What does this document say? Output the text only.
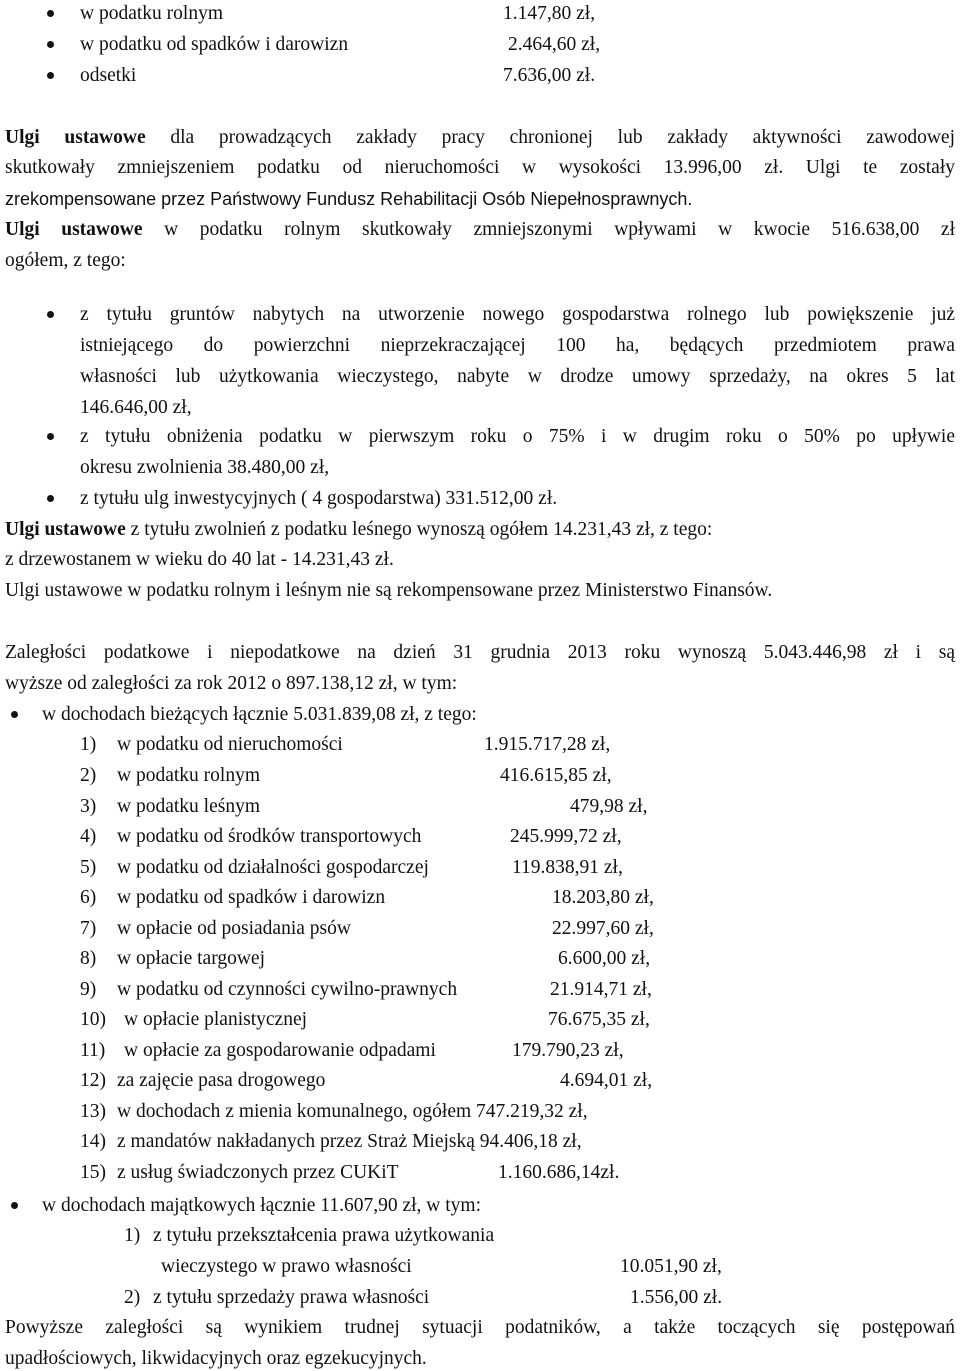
w podatku rolnym	1.147,80 zł,
w podatku od spadków i darowizn	2.464,60 zł,
odsetki	7.636,00 zł.
Ulgi ustawowe dla prowadzących zakłady pracy chronionej lub zakłady aktywności zawodowej
skutkowały zmniejszeniem podatku od nieruchomości w wysokości 13.996,00 zł. Ulgi te zostały
zrekompensowane przez Państwowy Fundusz Rehabilitacji Osób Niepełnosprawnych.
Ulgi ustawowe w podatku rolnym skutkowały zmniejszonymi wpływami w kwocie 516.638,00 zł
ogółem, z tego:
z tytułu gruntów nabytych na utworzenie nowego gospodarstwa rolnego lub powiększenie już
istniejącego do powierzchni nieprzekraczającej 100 ha, będących przedmiotem prawa
własności lub użytkowania wieczystego, nabyte w drodze umowy sprzedaży, na okres 5 lat
146.646,00 zł,
z tytułu obniżenia podatku w pierwszym roku o 75% i w drugim roku o 50% po upływie
okresu zwolnienia 38.480,00 zł,
z tytułu ulg inwestycyjnych ( 4 gospodarstwa) 331.512,00 zł.
Ulgi ustawowe z tytułu zwolnień z podatku leśnego wynoszą ogółem 14.231,43 zł, z tego:
z drzewostanem w wieku do 40 lat - 14.231,43 zł.
Ulgi ustawowe w podatku rolnym i leśnym nie są rekompensowane przez Ministerstwo Finansów.
Zaległości podatkowe i niepodatkowe na dzień 31 grudnia 2013 roku wynoszą 5.043.446,98 zł i są
wyższe od zaległości za rok 2012 o 897.138,12 zł, w tym:
w dochodach bieżących łącznie 5.031.839,08 zł, z tego:
1) w podatku od nieruchomości	1.915.717,28 zł,
2) w podatku rolnym	416.615,85 zł,
3) w podatku leśnym	479,98 zł,
4) w podatku od środków transportowych	245.999,72 zł,
5) w podatku od działalności gospodarczej	119.838,91 zł,
6) w podatku od spadków i darowizn	18.203,80 zł,
7) w opłacie od posiadania psów	22.997,60 zł,
8) w opłacie targowej	6.600,00 zł,
9) w podatku od czynności cywilno-prawnych	21.914,71 zł,
10) w opłacie planistycznej	76.675,35 zł,
11) w opłacie za gospodarowanie odpadami	179.790,23 zł,
12) za zajęcie pasa drogowego	4.694,01 zł,
13) w dochodach z mienia komunalnego, ogółem 747.219,32 zł,
14) z mandatów nakładanych przez Straż Miejską 94.406,18 zł,
15) z usług świadczonych przez CUKiT	1.160.686,14zł.
w dochodach majątkowych łącznie 11.607,90 zł, w tym:
1) z tytułu przekształcenia prawa użytkowania
wieczystego w prawo własności	10.051,90 zł,
2) z tytułu sprzedaży prawa własności	1.556,00 zł.
Powyższe zaległości są wynikiem trudnej sytuacji podatników, a także toczących się postępowań
upadłościowych, likwidacyjnych oraz egzekucyjnych.
